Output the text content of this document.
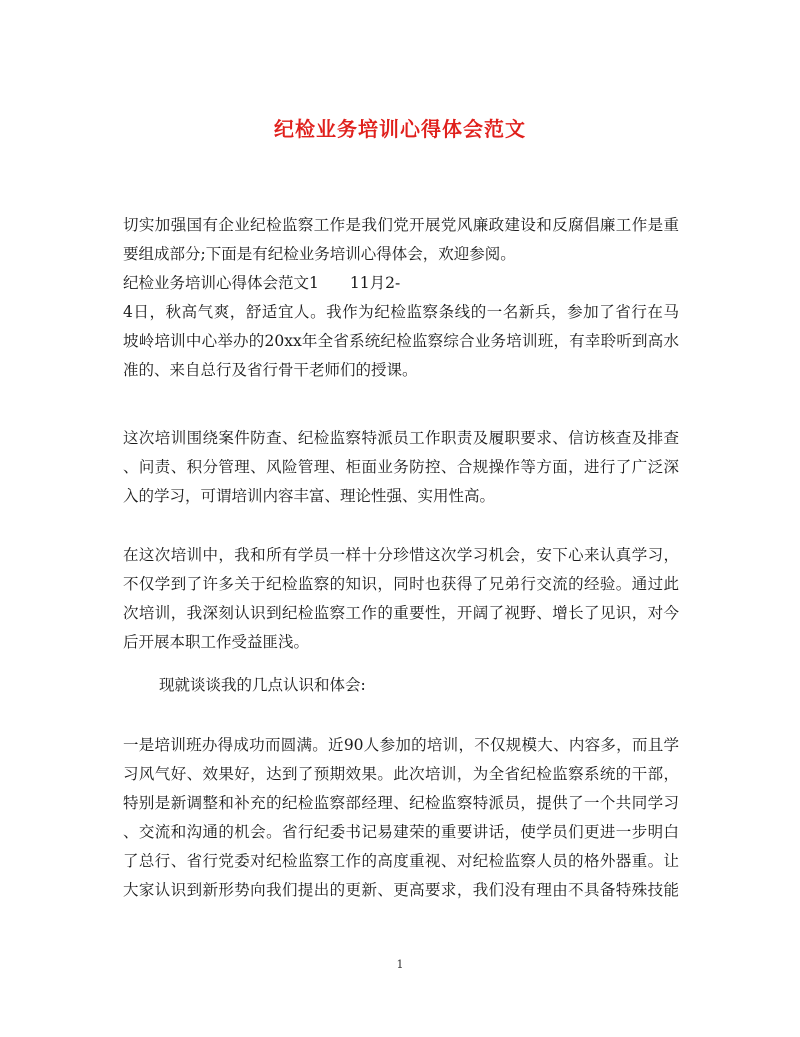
纪检业务培训心得体会范文
切实加强国有企业纪检监察工作是我们党开展党风廉政建设和反腐倡廉工作是重
要组成部分;下面是有纪检业务培训心得体会，欢迎参阅。
纪检业务培训心得体会范文1　　11月2-
4日，秋高气爽，舒适宜人。我作为纪检监察条线的一名新兵，参加了省行在马
坡岭培训中心举办的20xx年全省系统纪检监察综合业务培训班，有幸聆听到高水
准的、来自总行及省行骨干老师们的授课。
这次培训围绕案件防查、纪检监察特派员工作职责及履职要求、信访核查及排查
、问责、积分管理、风险管理、柜面业务防控、合规操作等方面，进行了广泛深
入的学习，可谓培训内容丰富、理论性强、实用性高。
在这次培训中，我和所有学员一样十分珍惜这次学习机会，安下心来认真学习，
不仅学到了许多关于纪检监察的知识，同时也获得了兄弟行交流的经验。通过此
次培训，我深刻认识到纪检监察工作的重要性，开阔了视野、增长了见识，对今
后开展本职工作受益匪浅。
现就谈谈我的几点认识和体会:
一是培训班办得成功而圆满。近90人参加的培训，不仅规模大、内容多，而且学
习风气好、效果好，达到了预期效果。此次培训，为全省纪检监察系统的干部，
特别是新调整和补充的纪检监察部经理、纪检监察特派员，提供了一个共同学习
、交流和沟通的机会。省行纪委书记易建荣的重要讲话，使学员们更进一步明白
了总行、省行党委对纪检监察工作的高度重视、对纪检监察人员的格外器重。让
大家认识到新形势向我们提出的更新、更高要求，我们没有理由不具备特殊技能
1
